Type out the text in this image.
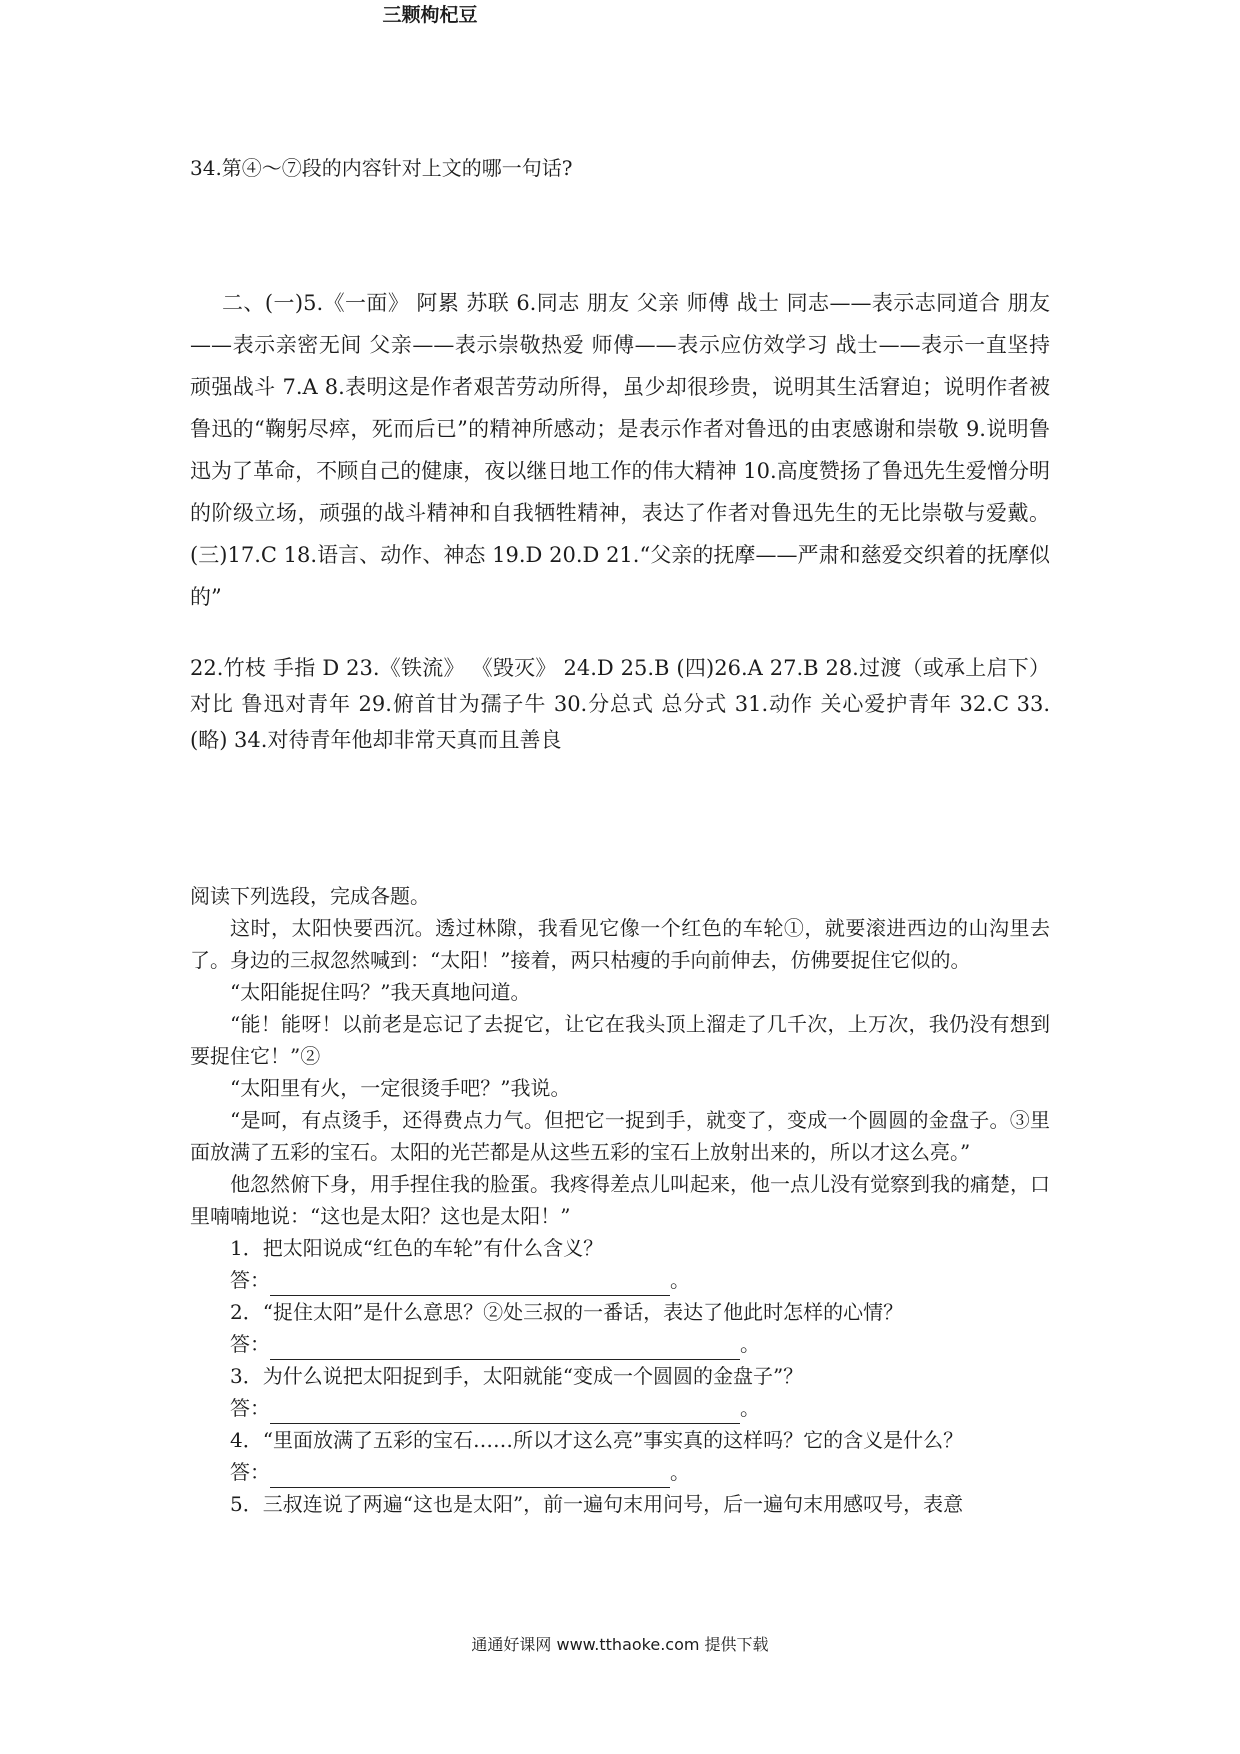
34.第④～⑦段的内容针对上文的哪一句话?
二、(一)5.《一面》 阿累 苏联 6.同志 朋友 父亲 师傅 战士 同志——表示志同道合 朋友——表示亲密无间 父亲——表示崇敬热爱 师傅——表示应仿效学习 战士——表示一直坚持顽强战斗 7.A 8.表明这是作者艰苦劳动所得，虽少却很珍贵，说明其生活窘迫；说明作者被鲁迅的“鞠躬尽瘁，死而后已”的精神所感动；是表示作者对鲁迅的由衷感谢和崇敬 9.说明鲁迅为了革命，不顾自己的健康，夜以继日地工作的伟大精神 10.高度赞扬了鲁迅先生爱憎分明的阶级立场，顽强的战斗精神和自我牺牲精神，表达了作者对鲁迅先生的无比崇敬与爱戴。(三)17.C 18.语言、动作、神态 19.D 20.D 21.“父亲的抚摩——严肃和慈爱交织着的抚摩似的”
22.竹枝 手指 D 23.《铁流》 《毁灭》 24.D 25.B (四)26.A 27.B 28.过渡（或承上启下） 对比 鲁迅对青年 29.俯首甘为孺子牛 30.分总式 总分式 31.动作 关心爱护青年 32.C 33.(略) 34.对待青年他却非常天真而且善良
三颗枸杞豆

阅读下列选段，完成各题。

这时，太阳快要西沉。透过林隙，我看见它像一个红色的车轮①，就要滚进西边的山沟里去了。身边的三叔忽然喊到：“太阳！”接着，两只枯瘦的手向前伸去，仿佛要捉住它似的。

“太阳能捉住吗？”我天真地问道。

“能！能呀！以前老是忘记了去捉它，让它在我头顶上溜走了几千次，上万次，我仍没有想到要捉住它！”②

“太阳里有火，一定很烫手吧？”我说。

“是呵，有点烫手，还得费点力气。但把它一捉到手，就变了，变成一个圆圆的金盘子。③里面放满了五彩的宝石。太阳的光芒都是从这些五彩的宝石上放射出来的，所以才这么亮。”

他忽然俯下身，用手捏住我的脸蛋。我疼得差点儿叫起来，他一点儿没有觉察到我的痛楚，口里喃喃地说：“这也是太阳？这也是太阳！”

1．把太阳说成“红色的车轮”有什么含义？

答：	。

2．“捉住太阳”是什么意思？②处三叔的一番话，表达了他此时怎样的心情？

答：	。

3．为什么说把太阳捉到手，太阳就能“变成一个圆圆的金盘子”？

答：	。

4．“里面放满了五彩的宝石……所以才这么亮”事实真的这样吗？它的含义是什么？

答：	。

5．三叔连说了两遍“这也是太阳”，前一遍句末用问号，后一遍句末用感叹号，表意

通通好课网 www.tthaoke.com 提供下载
